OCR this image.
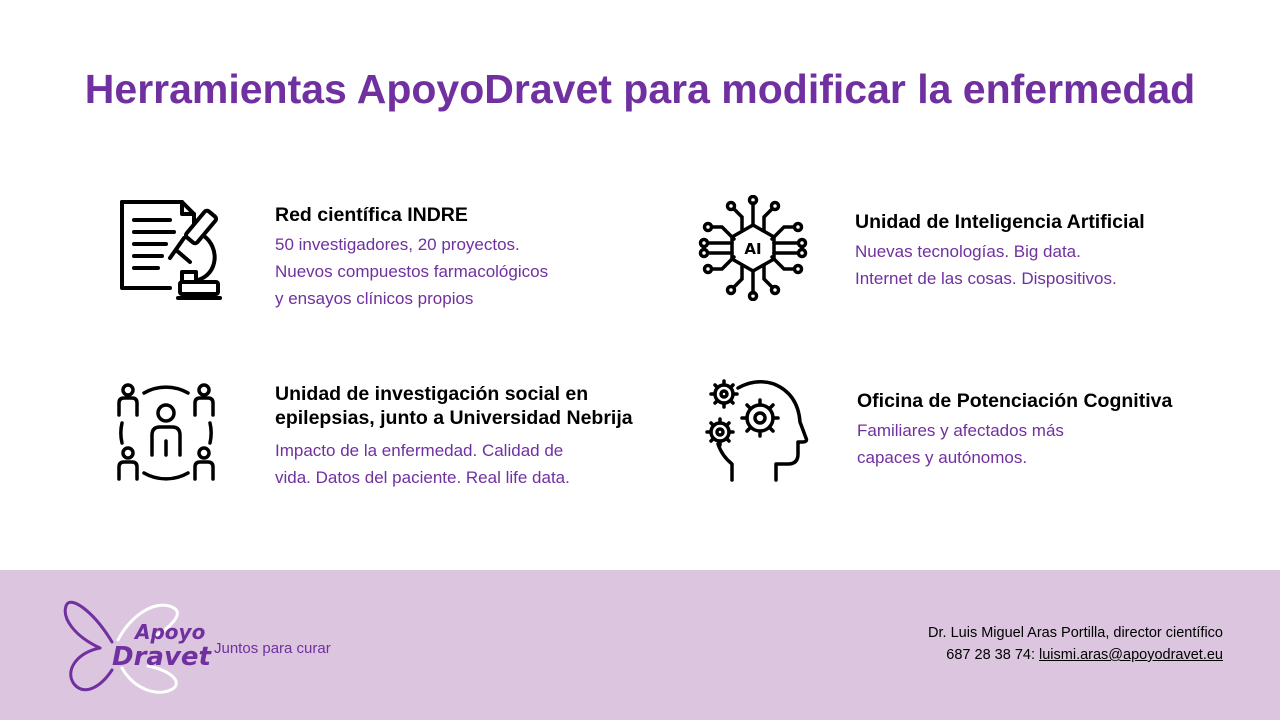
Herramientas ApoyoDravet para modificar la enfermedad
Red científica INDRE
50 investigadores, 20 proyectos.
Nuevos compuestos farmacológicos
y ensayos clínicos propios
AI
Unidad de Inteligencia Artificial
Nuevas tecnologías. Big data.
Internet de las cosas. Dispositivos.
Unidad de investigación social en
epilepsias, junto a Universidad Nebrija
Impacto de la enfermedad. Calidad de
vida. Datos del paciente. Real life data.
Oficina de Potenciación Cognitiva
Familiares y afectados más
capaces y autónomos.
Apoyo
Dravet Juntos para curar
Dr. Luis Miguel Aras Portilla, director científico
687 28 38 74: luismi.aras@apoyodravet.eu
